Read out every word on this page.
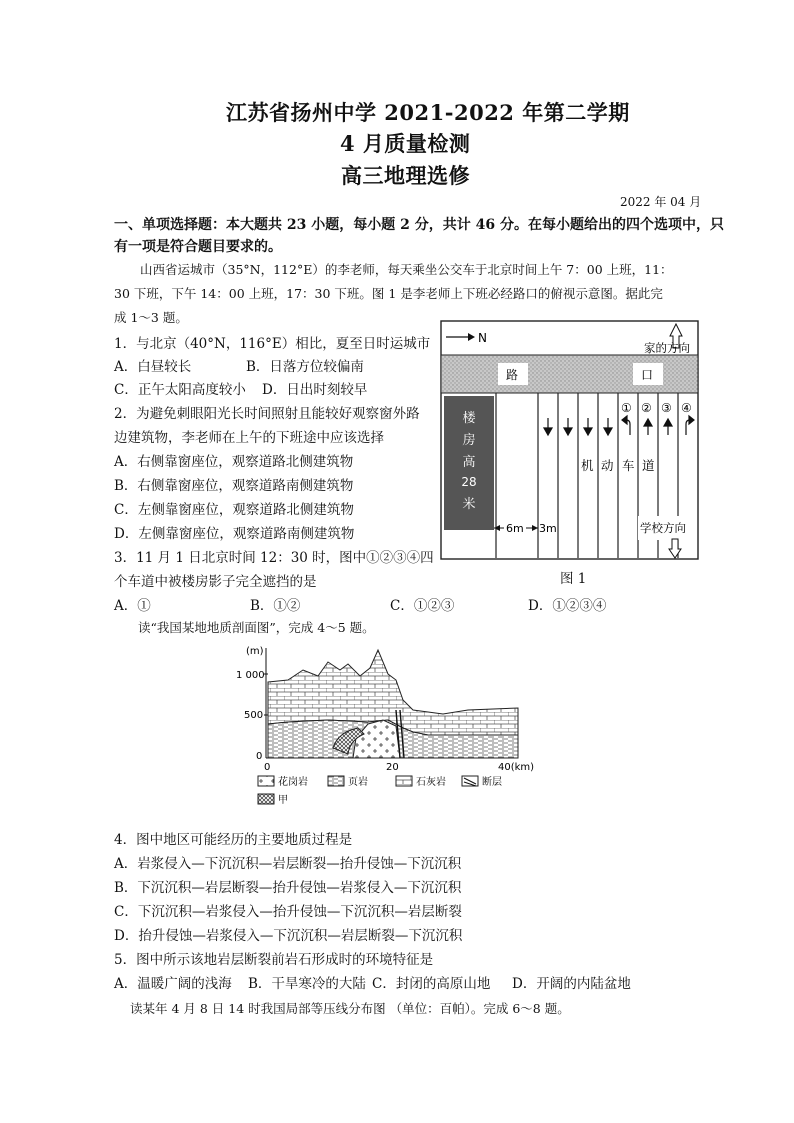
江苏省扬州中学 2021-2022 年第二学期
4 月质量检测
高三地理选修
2022 年 04 月
一、单项选择题：本大题共 23 小题，每小题 2 分，共计 46 分。在每小题给出的四个选项中，只
有一项是符合题目要求的。
山西省运城市（35°N，112°E）的李老师，每天乘坐公交车于北京时间上午 7：00 上班，11：
30 下班，下午 14：00 上班，17：30 下班。图 1 是李老师上下班必经路口的俯视示意图。据此完
成 1～3 题。
1．与北京（40°N，116°E）相比，夏至日时运城市
A．白昼较长	B．日落方位较偏南
C．正午太阳高度较小 D．日出时刻较早
2．为避免刺眼阳光长时间照射且能较好观察窗外路
边建筑物，李老师在上午的下班途中应该选择
A．右侧靠窗座位，观察道路北侧建筑物
B．右侧靠窗座位，观察道路南侧建筑物
C．左侧靠窗座位，观察道路北侧建筑物
D．左侧靠窗座位，观察道路南侧建筑物
3．11 月 1 日北京时间 12：30 时，图中①②③④四
个车道中被楼房影子完全遮挡的是
A．①	B．①②	C．①②③	D．①②③④
N
家的方向
路	口
楼
房
高
28
米
① ② ③ ④
机 动 车 道
6m 3m	学校方向
图 1
读“我国某地地质剖面图”，完成 4～5 题。
(m)
1 000
500
0
0	20	40(km)
花岗岩	页岩	石灰岩	断层
甲
4．图中地区可能经历的主要地质过程是
A．岩浆侵入—下沉沉积—岩层断裂—抬升侵蚀—下沉沉积
B．下沉沉积—岩层断裂—抬升侵蚀—岩浆侵入—下沉沉积
C．下沉沉积—岩浆侵入—抬升侵蚀—下沉沉积—岩层断裂
D．抬升侵蚀—岩浆侵入—下沉沉积—岩层断裂—下沉沉积
5．图中所示该地岩层断裂前岩石形成时的环境特征是
A．温暖广阔的浅海 B．干旱寒冷的大陆 C．封闭的高原山地 D．开阔的内陆盆地
读某年 4 月 8 日 14 时我国局部等压线分布图 （单位：百帕）。完成 6～8 题。
